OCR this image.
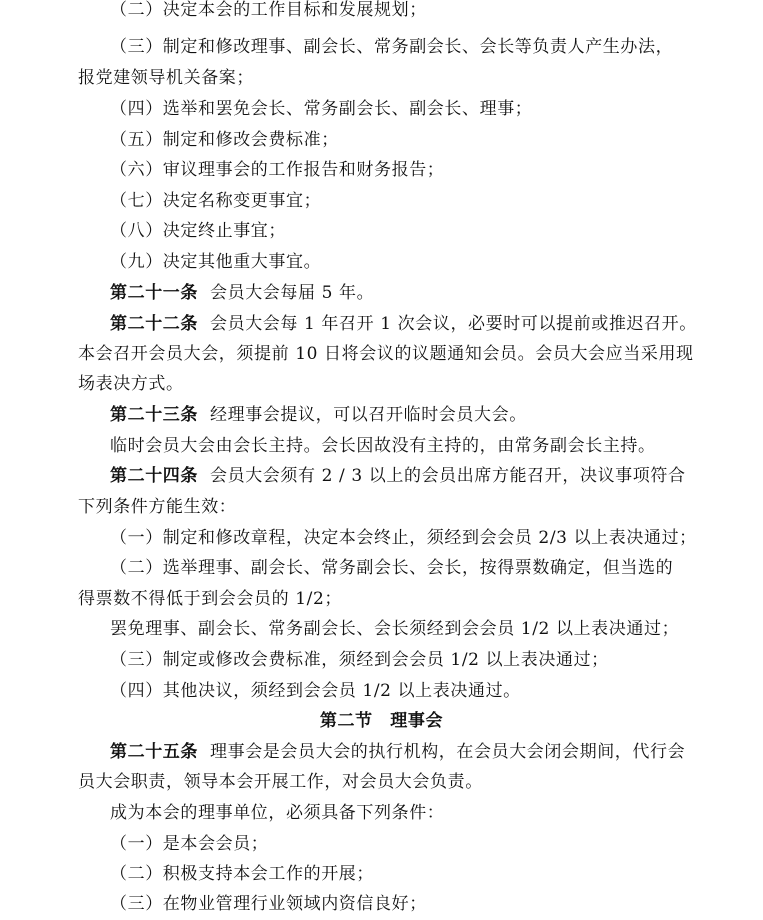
（二）决定本会的工作目标和发展规划；
（三）制定和修改理事、副会长、常务副会长、会长等负责人产生办法，
报党建领导机关备案；
（四）选举和罢免会长、常务副会长、副会长、理事；
（五）制定和修改会费标准；
（六）审议理事会的工作报告和财务报告；
（七）决定名称变更事宜；
（八）决定终止事宜；
（九）决定其他重大事宜。
第二十一条 会员大会每届 5 年。
第二十二条 会员大会每 1 年召开 1 次会议，必要时可以提前或推迟召开。
本会召开会员大会，须提前 10 日将会议的议题通知会员。会员大会应当采用现
场表决方式。
第二十三条 经理事会提议，可以召开临时会员大会。
临时会员大会由会长主持。会长因故没有主持的，由常务副会长主持。
第二十四条 会员大会须有 2 / 3 以上的会员出席方能召开，决议事项符合
下列条件方能生效：
（一）制定和修改章程，决定本会终止，须经到会会员 2/3 以上表决通过；
（二）选举理事、副会长、常务副会长、会长，按得票数确定，但当选的
得票数不得低于到会会员的 1/2；
罢免理事、副会长、常务副会长、会长须经到会会员 1/2 以上表决通过；
（三）制定或修改会费标准，须经到会会员 1/2 以上表决通过；
（四）其他决议，须经到会会员 1/2 以上表决通过。
第二节　理事会
第二十五条 理事会是会员大会的执行机构，在会员大会闭会期间，代行会
员大会职责，领导本会开展工作，对会员大会负责。
成为本会的理事单位，必须具备下列条件：
（一）是本会会员；
（二）积极支持本会工作的开展；
（三）在物业管理行业领域内资信良好；
